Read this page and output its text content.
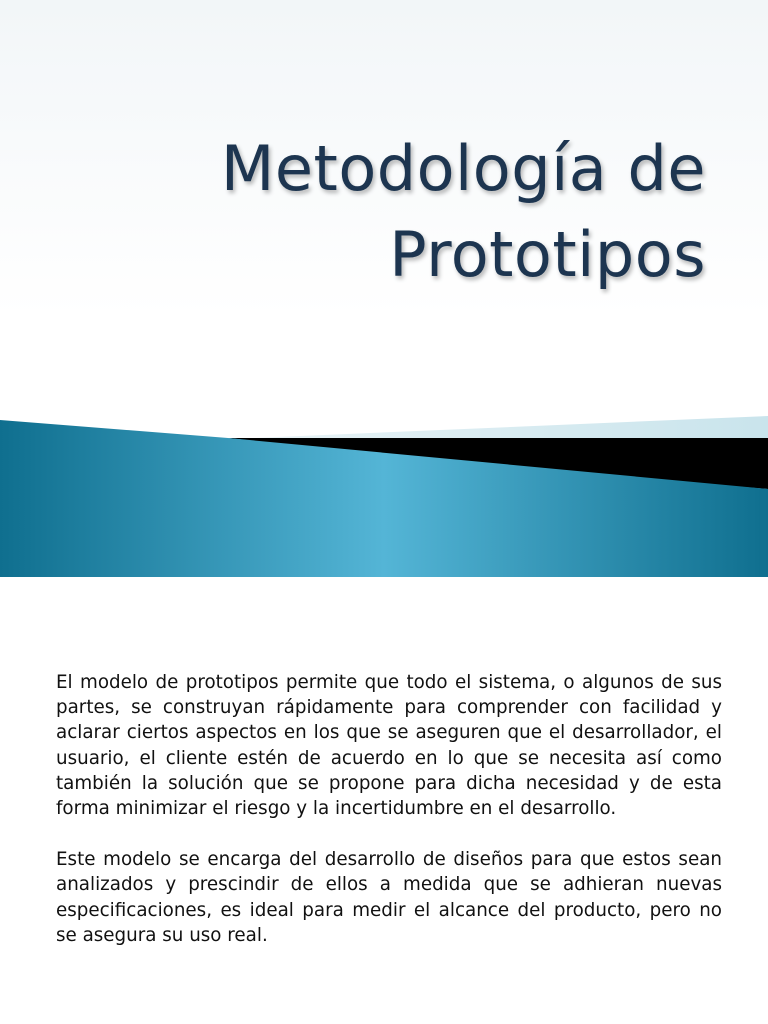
Metodología de
Prototipos

El modelo de prototipos permite que todo el sistema, o algunos de sus partes, se construyan rápidamente para comprender con facilidad y aclarar ciertos aspectos en los que se aseguren que el desarrollador, el usuario, el cliente estén de acuerdo en lo que se necesita así como también la solución que se propone para dicha necesidad y de esta forma minimizar el riesgo y la incertidumbre en el desarrollo.

Este modelo se encarga del desarrollo de diseños para que estos sean analizados y prescindir de ellos a medida que se adhieran nuevas especificaciones, es ideal para medir el alcance del producto, pero no se asegura su uso real.
